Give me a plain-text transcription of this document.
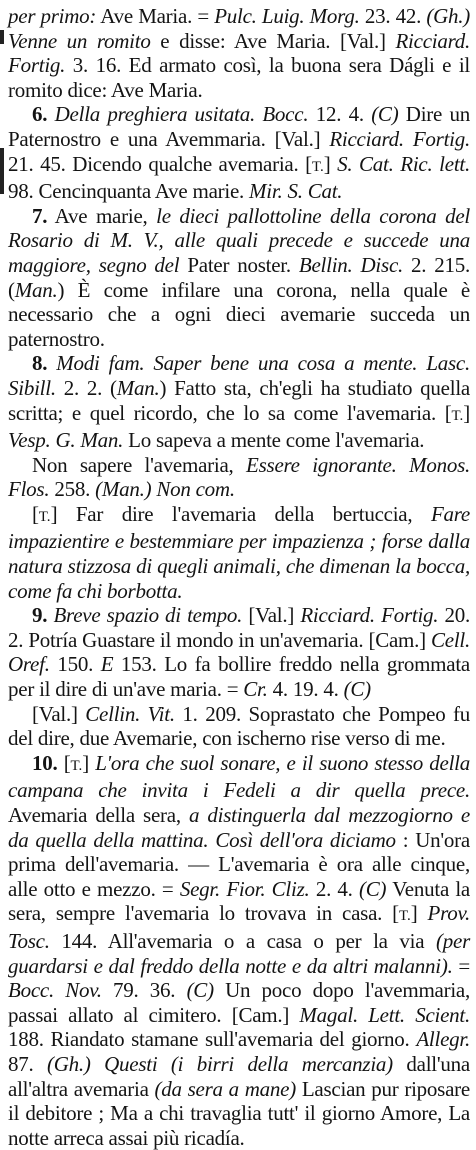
per primo: Ave Maria. = Pulc. Luig. Morg. 23. 42. (Gh.) Venne un romito e disse: Ave Maria. [Val.] Ricciard. Fortig. 3. 16. Ed armato così, la buona sera Dágli e il romito dice: Ave Maria.

6. Della preghiera usitata. Bocc. 12. 4. (C) Dire un Paternostro e una Avemmaria. [Val.] Ricciard. Fortig. 21. 45. Dicendo qualche avemaria. [T.] S. Cat. Ric. lett. 98. Cencinquanta Ave marie. Mir. S. Cat.

7. Ave marie, le dieci pallottoline della corona del Rosario di M. V., alle quali precede e succede una maggiore, segno del Pater noster. Bellin. Disc. 2. 215. (Man.) È come infilare una corona, nella quale è necessario che a ogni dieci avemarie succeda un paternostro.

8. Modi fam. Saper bene una cosa a mente. Lasc. Sibill. 2. 2. (Man.) Fatto sta, ch'egli ha studiato quella scritta; e quel ricordo, che lo sa come l'avemaria. [T.] Vesp. G. Man. Lo sapeva a mente come l'avemaria.

Non sapere l'avemaria, Essere ignorante. Monos. Flos. 258. (Man.) Non com.

[T.] Far dire l'avemaria della bertuccia, Fare impazientire e bestemmiare per impazienza ; forse dalla natura stizzosa di quegli animali, che dimenan la bocca, come fa chi borbotta.

9. Breve spazio di tempo. [Val.] Ricciard. Fortig. 20. 2. Potría Guastare il mondo in un'avemaria. [Cam.] Cell. Oref. 150. E 153. Lo fa bollire freddo nella grommata per il dire di un'ave maria. = Cr. 4. 19. 4. (C)

[Val.] Cellin. Vit. 1. 209. Soprastato che Pompeo fu del dire, due Avemarie, con ischerno rise verso di me.

10. [T.] L'ora che suol sonare, e il suono stesso della campana che invita i Fedeli a dir quella prece. Avemaria della sera, a distinguerla dal mezzogiorno e da quella della mattina. Così dell'ora diciamo : Un'ora prima dell'avemaria. — L'avemaria è ora alle cinque, alle otto e mezzo. = Segr. Fior. Cliz. 2. 4. (C) Venuta la sera, sempre l'avemaria lo trovava in casa. [T.] Prov. Tosc. 144. All'avemaria o a casa o per la via (per guardarsi e dal freddo della notte e da altri malanni). = Bocc. Nov. 79. 36. (C) Un poco dopo l'avemmaria, passai allato al cimitero. [Cam.] Magal. Lett. Scient. 188. Riandato stamane sull'avemaria del giorno. Allegr. 87. (Gh.) Questi (i birri della mercanzia) dall'una all'altra avemaria (da sera a mane) Lascian pur riposare il debitore ; Ma a chi travaglia tutt' il giorno Amore, La notte arreca assai più ricadía.
